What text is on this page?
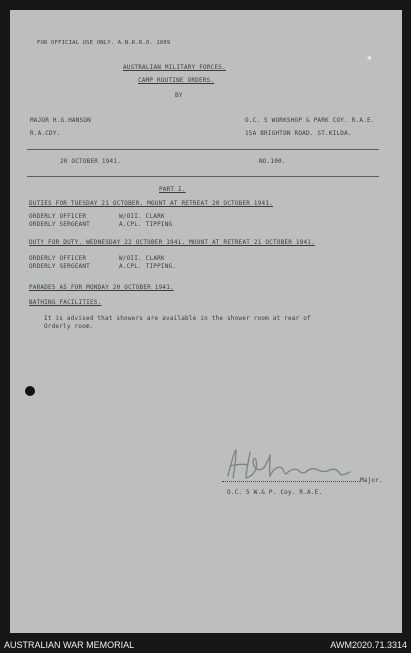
FOR OFFICIAL USE ONLY. A.N.R.R.0. 1009
◆
AUSTRALIAN MILITARY FORCES.
CAMP ROUTINE ORDERS.
BY
MAJOR H.G.HANSON
R.A.CDY.
O.C. 5 WORKSHOP & PARK COY. R.A.E.
15A BRIGHTON ROAD. ST.KILDA.
20 OCTOBER 1941.	NO.100.
PART I.
DUTIES FOR TUESDAY 21 OCTOBER. MOUNT AT RETREAT 20 OCTOBER 1941.
ORDERLY OFFICER	W/OII. CLARK
ORDERLY SERGEANT	A.CPL. TIPPING
DUTY FOR DUTY. WEDNESDAY 22 OCTOBER 1941. MOUNT AT RETREAT 21 OCTOBER 1941.
ORDERLY OFFICER	W/OII. CLARK
ORDERLY SERGEANT	A.CPL. TIPPING.
PARADES AS FOR MONDAY 20 OCTOBER 1941.
BATHING FACILITIES.
It is advised that showers are available in the shower room at rear of
Orderly room.
Major.
O.C. 5 W.& P. Coy. R.A.E.
AUSTRALIAN WAR MEMORIAL	AWM2020.71.3314
